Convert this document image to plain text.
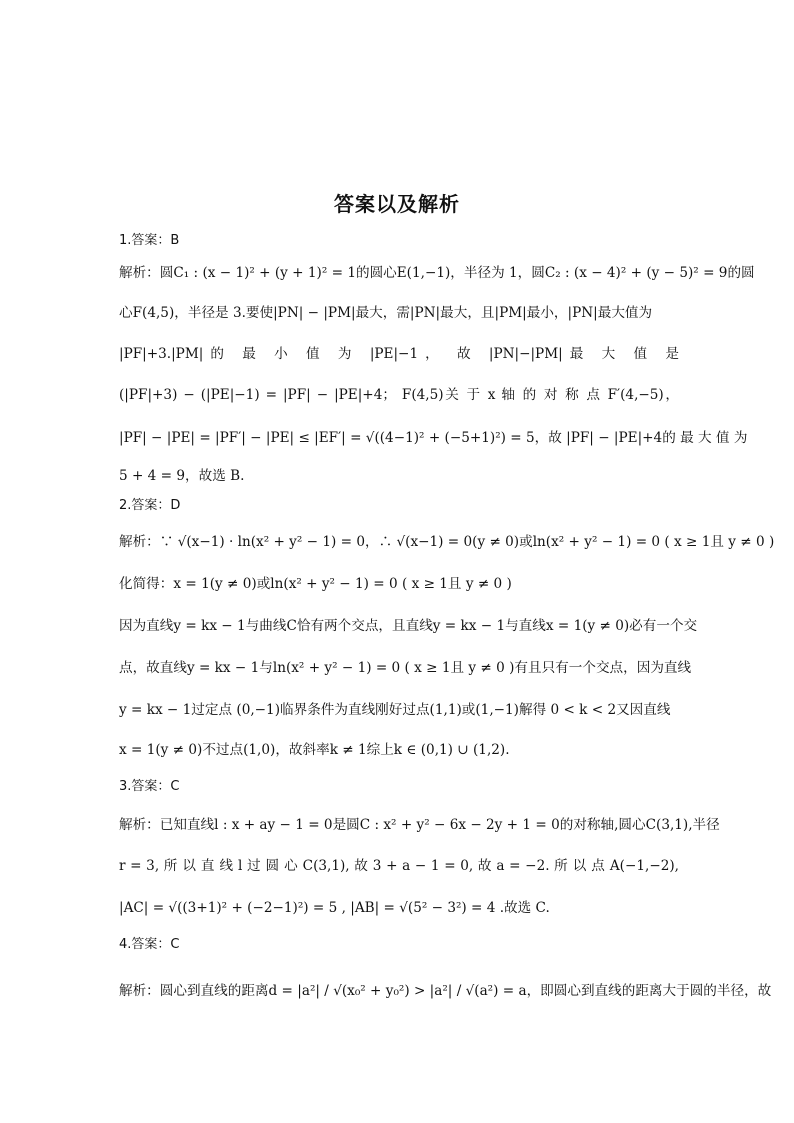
答案以及解析
1.答案：B
解析：圆C₁ : (x − 1)² + (y + 1)² = 1的圆心E(1,−1)，半径为 1，圆C₂ : (x − 4)² + (y − 5)² = 9的圆
心F(4,5)，半径是 3.要使|PN| − |PM|最大，需|PN|最大，且|PM|最小，|PN|最大值为
|PF|+3.|PM|的 最 小 值 为 |PE|−1， 故 |PN|−|PM|最 大 值 是
(|PF|+3) − (|PE|−1) = |PF| − |PE|+4； F(4,5)关 于 x 轴 的 对 称 点 F′(4,−5)，
|PF| − |PE| = |PF′| − |PE| ≤ |EF′| = √((4−1)² + (−5+1)²) = 5，故 |PF| − |PE|+4的 最 大 值 为
5 + 4 = 9，故选 B.
2.答案：D
解析：∵ √(x−1) · ln(x² + y² − 1) = 0，∴ √(x−1) = 0(y ≠ 0)或ln(x² + y² − 1) = 0 ( x ≥ 1且 y ≠ 0 )
化简得：x = 1(y ≠ 0)或ln(x² + y² − 1) = 0 ( x ≥ 1且 y ≠ 0 )
因为直线y = kx − 1与曲线C恰有两个交点，且直线y = kx − 1与直线x = 1(y ≠ 0)必有一个交
点，故直线y = kx − 1与ln(x² + y² − 1) = 0 ( x ≥ 1且 y ≠ 0 )有且只有一个交点，因为直线
y = kx − 1过定点 (0,−1)临界条件为直线刚好过点(1,1)或(1,−1)解得 0 < k < 2又因直线
x = 1(y ≠ 0)不过点(1,0)，故斜率k ≠ 1综上k ∈ (0,1) ∪ (1,2).
3.答案：C
解析：已知直线l : x + ay − 1 = 0是圆C : x² + y² − 6x − 2y + 1 = 0的对称轴,圆心C(3,1),半径
r = 3, 所 以 直 线 l 过 圆 心 C(3,1), 故 3 + a − 1 = 0, 故 a = −2. 所 以 点 A(−1,−2),
|AC| = √((3+1)² + (−2−1)²) = 5 , |AB| = √(5² − 3²) = 4 .故选 C.
4.答案：C
解析：圆心到直线的距离d = |a²| / √(x₀² + y₀²) > |a²| / √(a²) = a，即圆心到直线的距离大于圆的半径，故
